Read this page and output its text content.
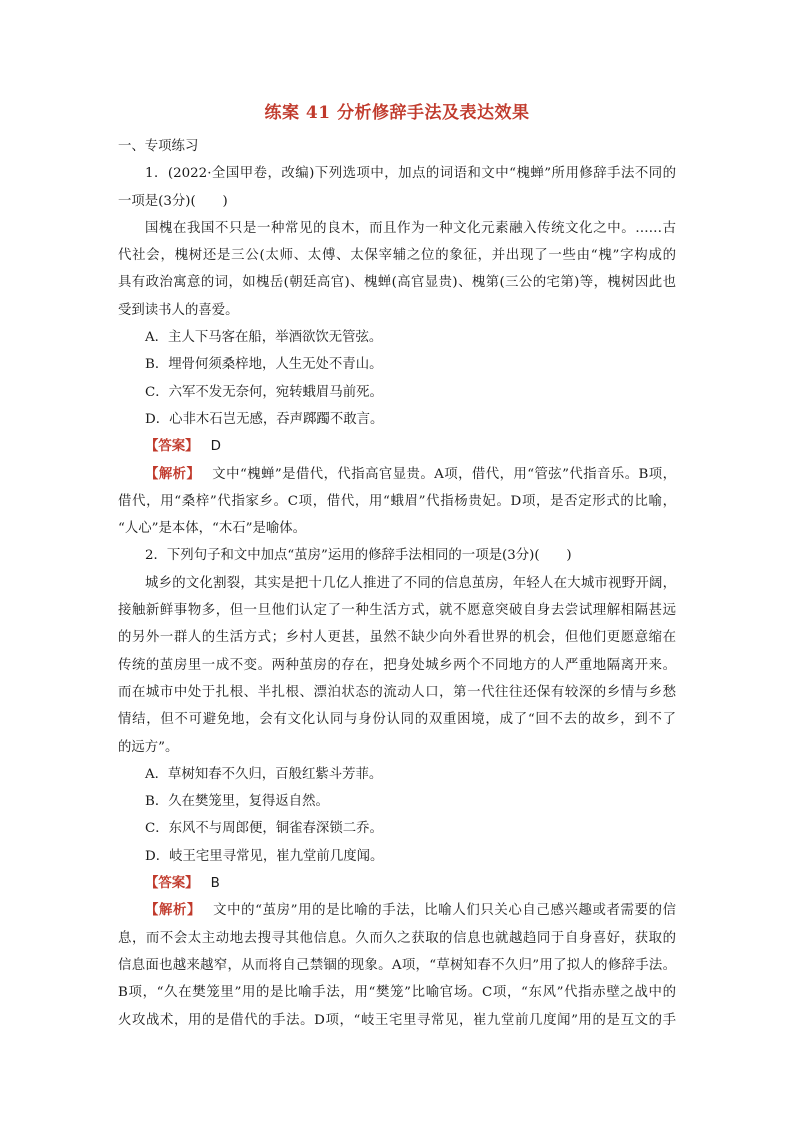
练案 41 分析修辞手法及表达效果
一、专项练习
1．(2022·全国甲卷，改编)下列选项中，加点的词语和文中“槐蝉”所用修辞手法不同的
一项是(3分)(　　)
国槐在我国不只是一种常见的良木，而且作为一种文化元素融入传统文化之中。……古
代社会，槐树还是三公(太师、太傅、太保宰辅之位的象征，并出现了一些由“槐”字构成的
具有政治寓意的词，如槐岳(朝廷高官)、槐蝉(高官显贵)、槐第(三公的宅第)等，槐树因此也
受到读书人的喜爱。
A．主人下马客在船，举酒欲饮无管弦。
B．埋骨何须桑梓地，人生无处不青山。
C．六军不发无奈何，宛转蛾眉马前死。
D．心非木石岂无感，吞声踯躅不敢言。
【答案】 D
【解析】 文中“槐蝉”是借代，代指高官显贵。A项，借代，用“管弦”代指音乐。B项，
借代，用“桑梓”代指家乡。C项，借代，用“蛾眉”代指杨贵妃。D项，是否定形式的比喻，
“人心”是本体，“木石”是喻体。
2．下列句子和文中加点“茧房”运用的修辞手法相同的一项是(3分)(　　)
城乡的文化割裂，其实是把十几亿人推进了不同的信息茧房，年轻人在大城市视野开阔，
接触新鲜事物多，但一旦他们认定了一种生活方式，就不愿意突破自身去尝试理解相隔甚远
的另外一群人的生活方式；乡村人更甚，虽然不缺少向外看世界的机会，但他们更愿意缩在
传统的茧房里一成不变。两种茧房的存在，把身处城乡两个不同地方的人严重地隔离开来。
而在城市中处于扎根、半扎根、漂泊状态的流动人口，第一代往往还保有较深的乡情与乡愁
情结，但不可避免地，会有文化认同与身份认同的双重困境，成了“回不去的故乡，到不了
的远方”。
A．草树知春不久归，百般红紫斗芳菲。
B．久在樊笼里，复得返自然。
C．东风不与周郎便，铜雀春深锁二乔。
D．岐王宅里寻常见，崔九堂前几度闻。
【答案】 B
【解析】 文中的“茧房”用的是比喻的手法，比喻人们只关心自己感兴趣或者需要的信
息，而不会太主动地去搜寻其他信息。久而久之获取的信息也就越趋同于自身喜好，获取的
信息面也越来越窄，从而将自己禁锢的现象。A项，“草树知春不久归”用了拟人的修辞手法。
B项，“久在樊笼里”用的是比喻手法，用“樊笼”比喻官场。C项，“东风”代指赤壁之战中的
火攻战术，用的是借代的手法。D项，“岐王宅里寻常见，崔九堂前几度闻”用的是互文的手
